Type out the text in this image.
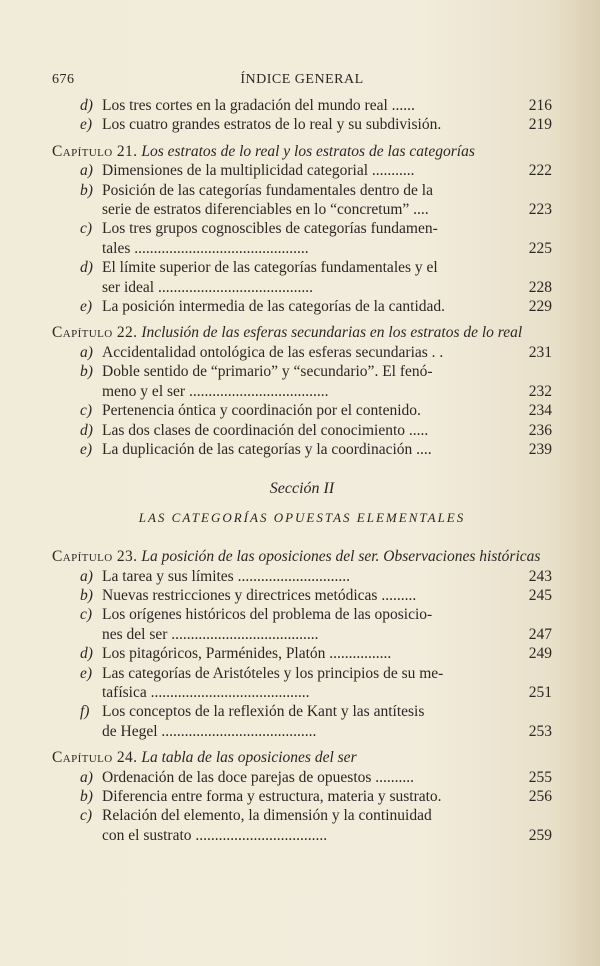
676	ÍNDICE GENERAL
d) Los tres cortes en la gradación del mundo real ......	216
e) Los cuatro grandes estratos de lo real y su subdivisión.	219
Capítulo 21. Los estratos de lo real y los estratos de las categorías
a) Dimensiones de la multiplicidad categorial ...........	222
b) Posición de las categorías fundamentales dentro de la
serie de estratos diferenciables en lo “concretum” ....	223
c) Los tres grupos cognoscibles de categorías fundamen-
tales .............................................	225
d) El límite superior de las categorías fundamentales y el
ser ideal ........................................	228
e) La posición intermedia de las categorías de la cantidad.	229
Capítulo 22. Inclusión de las esferas secundarias en los estratos de lo real
a) Accidentalidad ontológica de las esferas secundarias . .	231
b) Doble sentido de “primario” y “secundario”. El fenó-
meno y el ser ....................................	232
c) Pertenencia óntica y coordinación por el contenido.	234
d) Las dos clases de coordinación del conocimiento .....	236
e) La duplicación de las categorías y la coordinación ....	239
Sección II
LAS CATEGORÍAS OPUESTAS ELEMENTALES
Capítulo 23. La posición de las oposiciones del ser. Observaciones históricas
a) La tarea y sus límites .............................	243
b) Nuevas restricciones y directrices metódicas .........	245
c) Los orígenes históricos del problema de las oposicio-
nes del ser ......................................	247
d) Los pitagóricos, Parménides, Platón ................	249
e) Las categorías de Aristóteles y los principios de su me-
tafísica .........................................	251
f) Los conceptos de la reflexión de Kant y las antítesis
de Hegel ........................................	253
Capítulo 24. La tabla de las oposiciones del ser
a) Ordenación de las doce parejas de opuestos ..........	255
b) Diferencia entre forma y estructura, materia y sustrato.	256
c) Relación del elemento, la dimensión y la continuidad
con el sustrato ..................................	259
